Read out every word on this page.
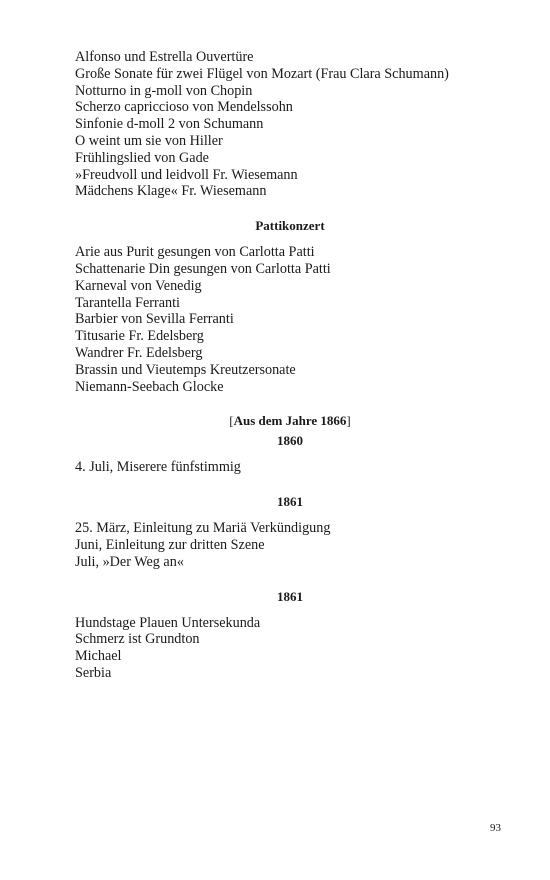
Alfonso und Estrella Ouvertüre
Große Sonate für zwei Flügel von Mozart (Frau Clara Schumann)
Notturno in g-moll von Chopin
Scherzo capriccioso von Mendelssohn
Sinfonie d-moll 2 von Schumann
O weint um sie von Hiller
Frühlingslied von Gade
»Freudvoll und leidvoll Fr. Wiesemann
Mädchens Klage« Fr. Wiesemann
Pattikonzert
Arie aus Purit gesungen von Carlotta Patti
Schattenarie Din gesungen von Carlotta Patti
Karneval von Venedig
Tarantella Ferranti
Barbier von Sevilla Ferranti
Titusarie Fr. Edelsberg
Wandrer Fr. Edelsberg
Brassin und Vieutemps Kreutzersonate
Niemann-Seebach Glocke
[Aus dem Jahre 1866]
1860
4. Juli, Miserere fünfstimmig
1861
25. März, Einleitung zu Mariä Verkündigung
Juni, Einleitung zur dritten Szene
Juli, »Der Weg an«
1861
Hundstage Plauen Untersekunda
Schmerz ist Grundton
Michael
Serbia
93
